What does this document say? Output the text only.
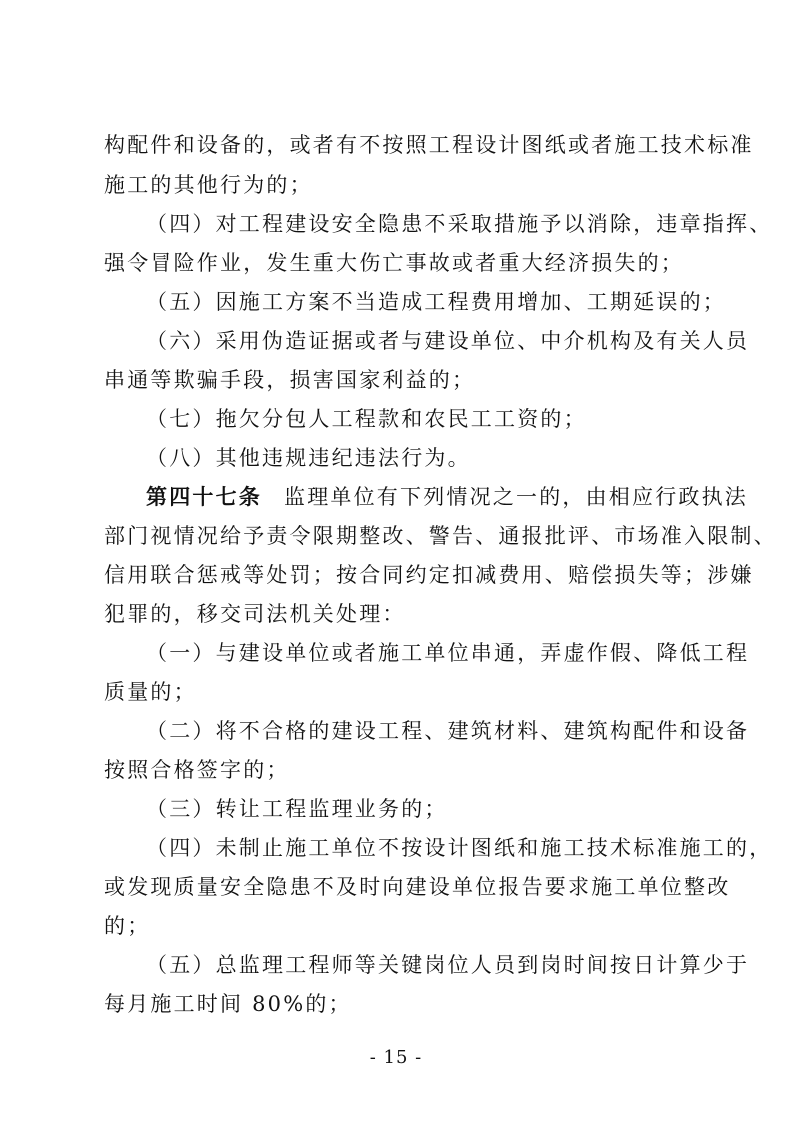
构配件和设备的，或者有不按照工程设计图纸或者施工技术标准
施工的其他行为的；
（四）对工程建设安全隐患不采取措施予以消除，违章指挥、
强令冒险作业，发生重大伤亡事故或者重大经济损失的；
（五）因施工方案不当造成工程费用增加、工期延误的；
（六）采用伪造证据或者与建设单位、中介机构及有关人员
串通等欺骗手段，损害国家利益的；
（七）拖欠分包人工程款和农民工工资的；
（八）其他违规违纪违法行为。
第四十七条 监理单位有下列情况之一的，由相应行政执法
部门视情况给予责令限期整改、警告、通报批评、市场准入限制、
信用联合惩戒等处罚；按合同约定扣减费用、赔偿损失等；涉嫌
犯罪的，移交司法机关处理：
（一）与建设单位或者施工单位串通，弄虚作假、降低工程
质量的；
（二）将不合格的建设工程、建筑材料、建筑构配件和设备
按照合格签字的；
（三）转让工程监理业务的；
（四）未制止施工单位不按设计图纸和施工技术标准施工的，
或发现质量安全隐患不及时向建设单位报告要求施工单位整改
的；
（五）总监理工程师等关键岗位人员到岗时间按日计算少于
每月施工时间 80%的；
- 15 -
